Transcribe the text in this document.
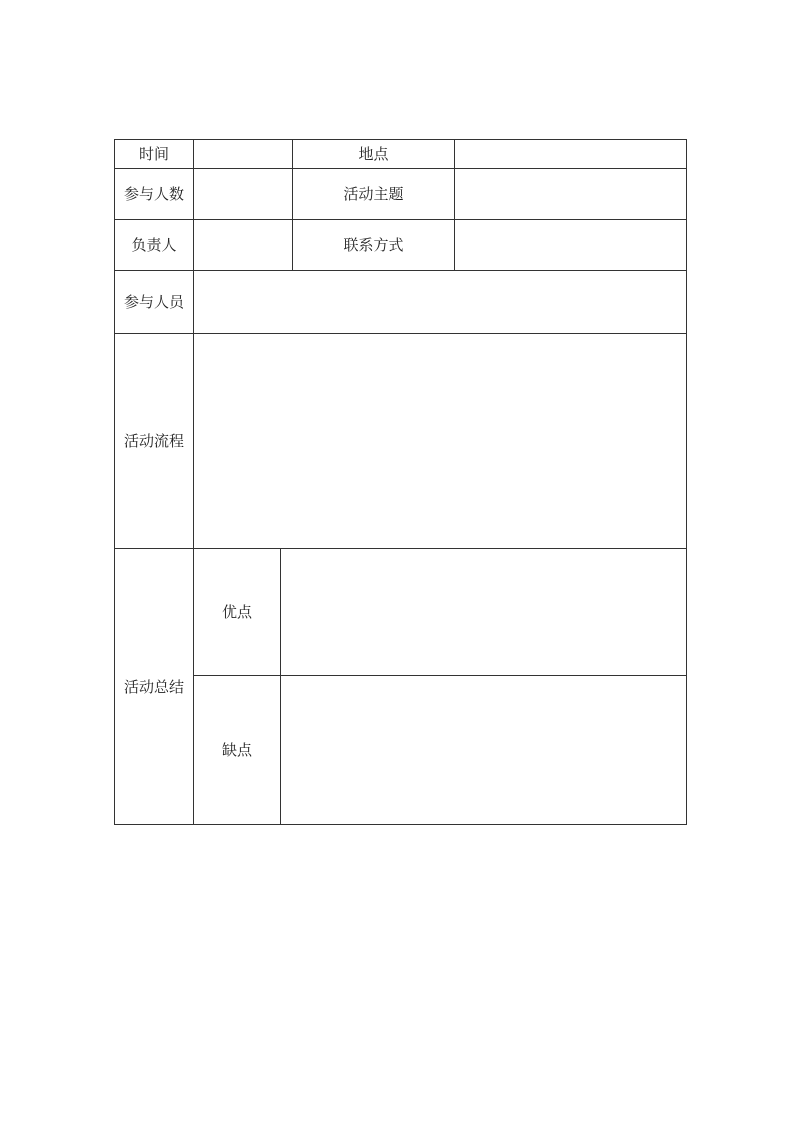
时间			地点	
参与人数			活动主题	
负责人			联系方式	
参与人员				
活动流程				
活动总结	优点			
	缺点			
